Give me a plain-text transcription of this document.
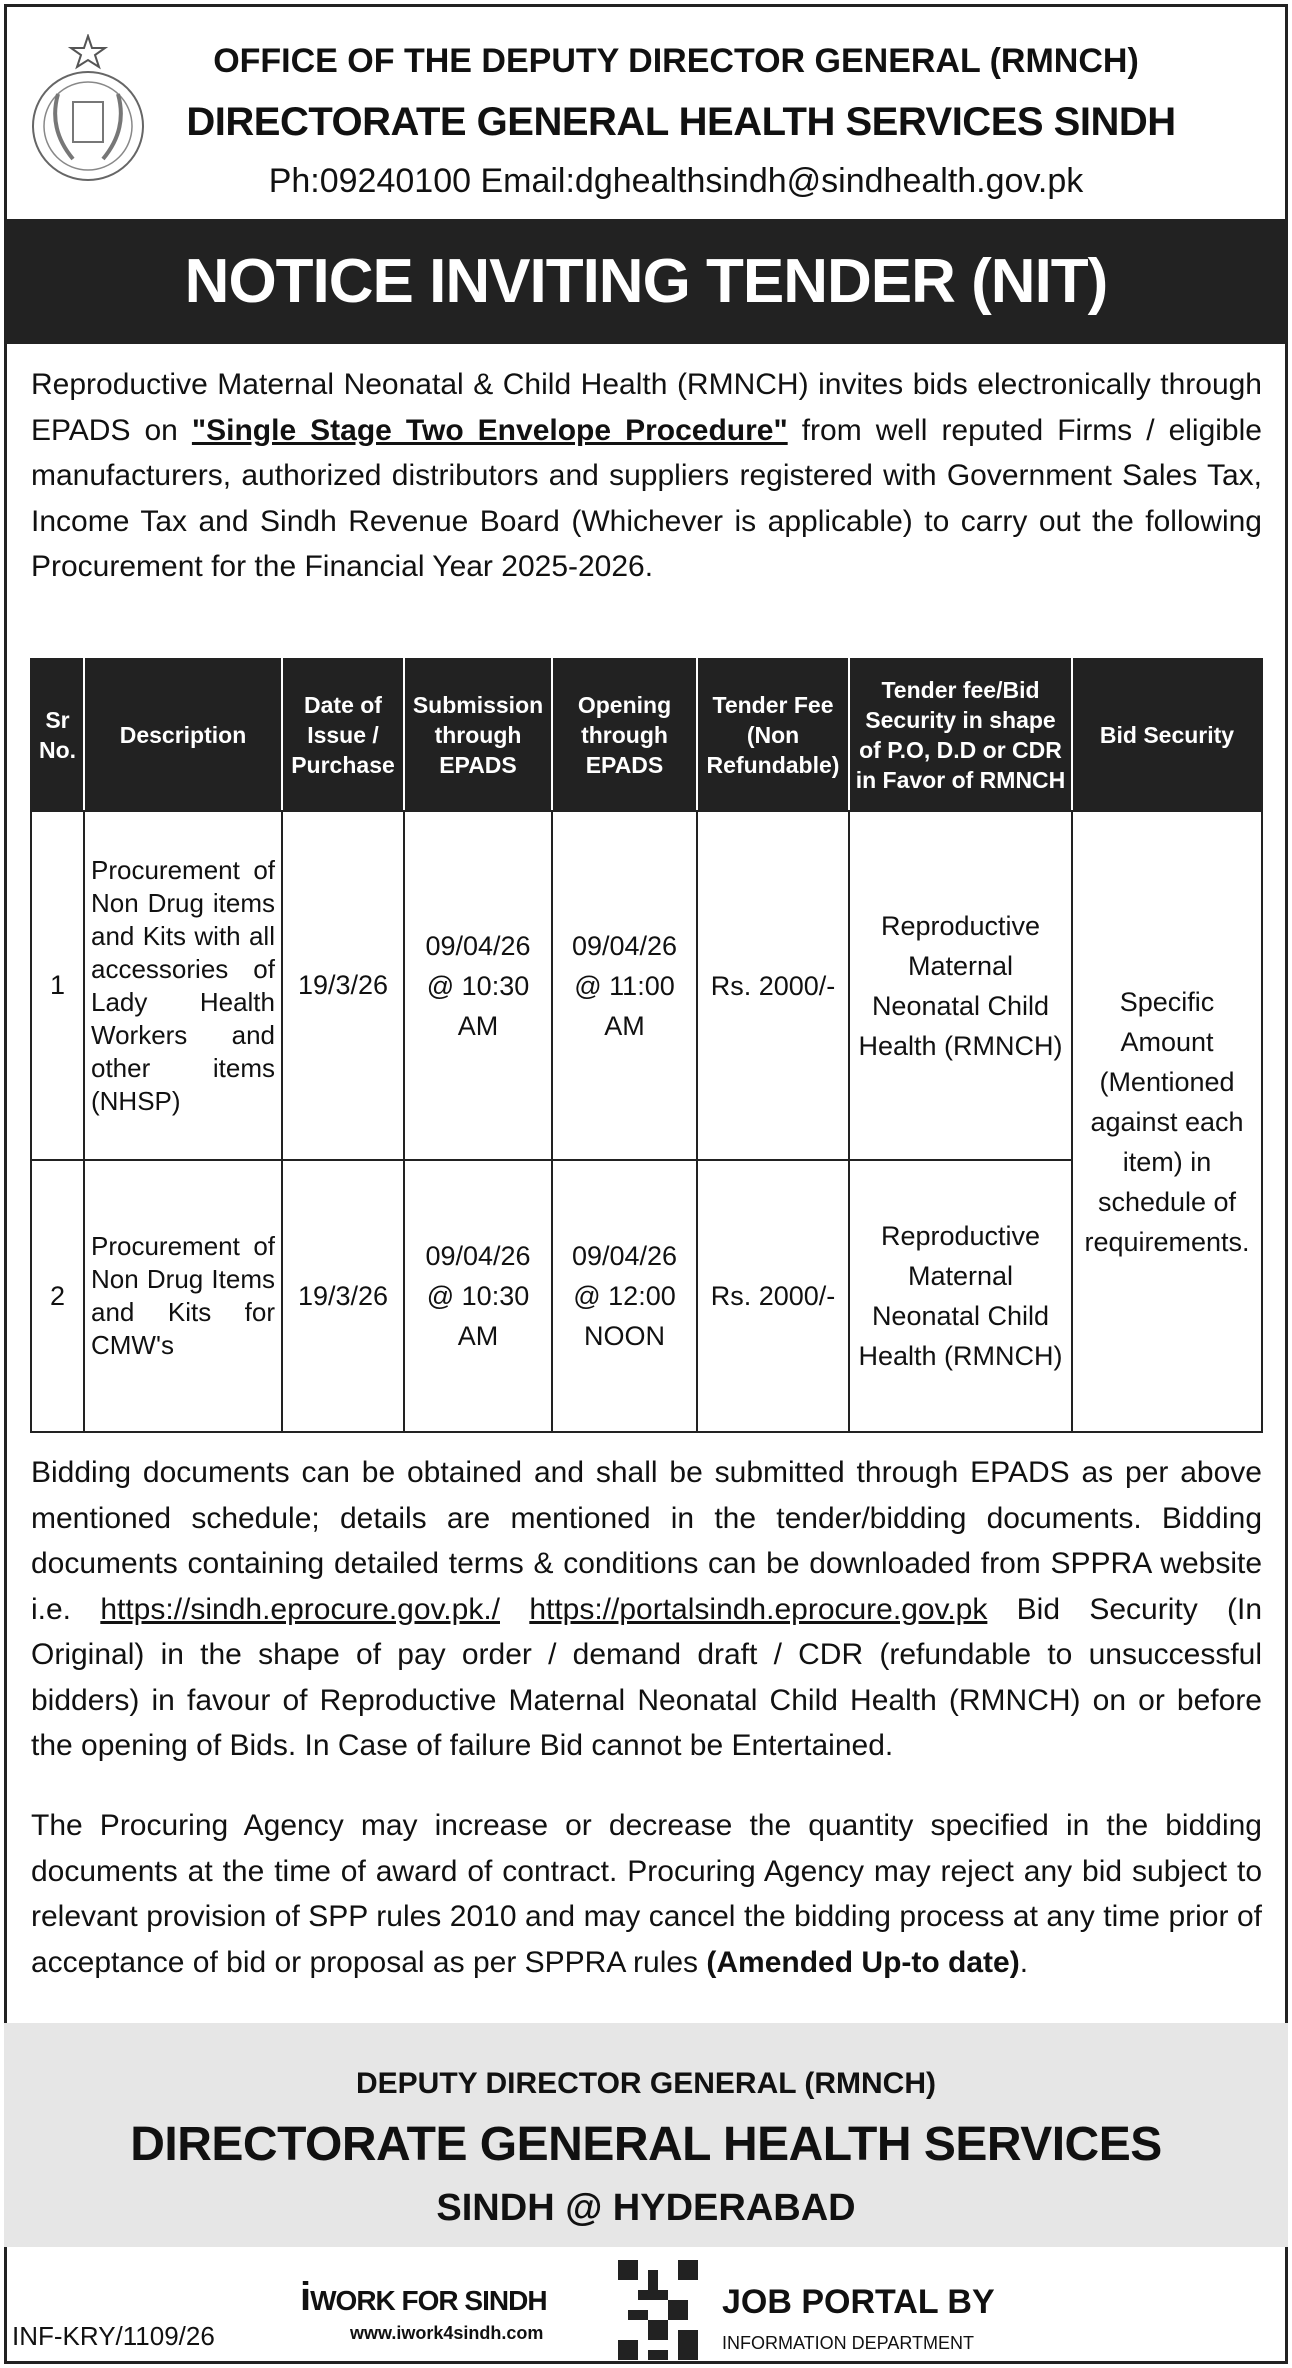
OFFICE OF THE DEPUTY DIRECTOR GENERAL (RMNCH)
DIRECTORATE GENERAL HEALTH SERVICES SINDH
Ph:09240100 Email:dghealthsindh@sindhealth.gov.pk
NOTICE INVITING TENDER (NIT)
Reproductive Maternal Neonatal & Child Health (RMNCH) invites bids electronically through EPADS on "Single Stage Two Envelope Procedure" from well reputed Firms / eligible manufacturers, authorized distributors and suppliers registered with Government Sales Tax, Income Tax and Sindh Revenue Board (Whichever is applicable) to carry out the following Procurement for the Financial Year 2025-2026.
Sr No.	Description	Date of Issue / Purchase	Submission through EPADS	Opening through EPADS	Tender Fee (Non Refundable)	Tender fee/Bid Security in shape of P.O, D.D or CDR in Favor of RMNCH	Bid Security
1	Procurement of Non Drug items and Kits with all accessories of Lady Health Workers and other items (NHSP)	19/3/26	09/04/26 @ 10:30 AM	09/04/26 @ 11:00 AM	Rs. 2000/-	Reproductive Maternal Neonatal Child Health (RMNCH)	Specific Amount (Mentioned against each item) in schedule of requirements.
2	Procurement of Non Drug Items and Kits for CMW's	19/3/26	09/04/26 @ 10:30 AM	09/04/26 @ 12:00 NOON	Rs. 2000/-	Reproductive Maternal Neonatal Child Health (RMNCH)	
Bidding documents can be obtained and shall be submitted through EPADS as per above mentioned schedule; details are mentioned in the tender/bidding documents. Bidding documents containing detailed terms & conditions can be downloaded from SPPRA website i.e. https://sindh.eprocure.gov.pk./ https://portalsindh.eprocure.gov.pk Bid Security (In Original) in the shape of pay order / demand draft / CDR (refundable to unsuccessful bidders) in favour of Reproductive Maternal Neonatal Child Health (RMNCH) on or before the opening of Bids. In Case of failure Bid cannot be Entertained.
The Procuring Agency may increase or decrease the quantity specified in the bidding documents at the time of award of contract. Procuring Agency may reject any bid subject to relevant provision of SPP rules 2010 and may cancel the bidding process at any time prior of acceptance of bid or proposal as per SPPRA rules (Amended Up-to date).
DEPUTY DIRECTOR GENERAL (RMNCH)
DIRECTORATE GENERAL HEALTH SERVICES
SINDH @ HYDERABAD
INF-KRY/1109/26
iWORK FOR SINDH
www.iwork4sindh.com
JOB PORTAL BY
INFORMATION DEPARTMENT
